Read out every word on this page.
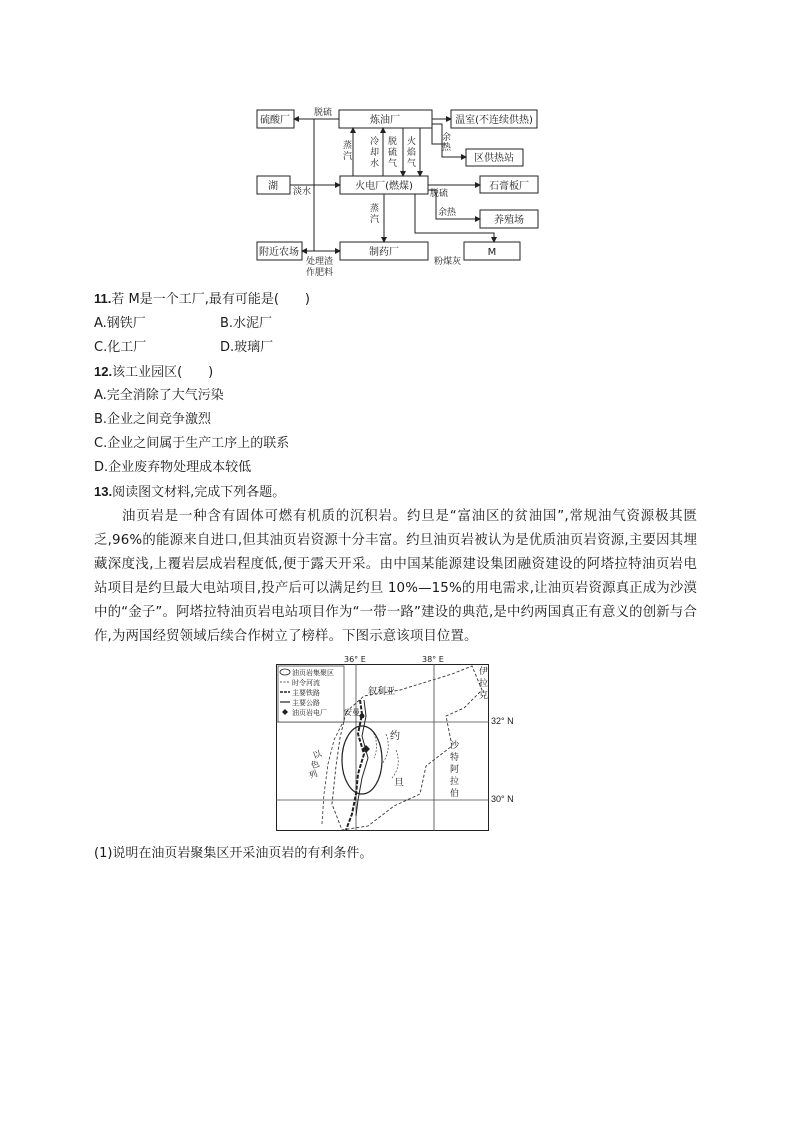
硫酸厂	炼油厂	温室(不连续供热)
区供热站
湖	火电厂(燃煤)	石膏板厂
养殖场
附近农场	制药厂	M
脱硫
蒸
汽
冷
却
水
脱
硫
气
火
焰
气
余
热
淡水	脱硫
余热
蒸
汽
粉煤灰
处理渣
作肥料
11.若 M是一个工厂,最有可能是(　　)
A.钢铁厂	B.水泥厂
C.化工厂	D.玻璃厂
12.该工业园区(　　)
A.完全消除了大气污染
B.企业之间竞争激烈
C.企业之间属于生产工序上的联系
D.企业废弃物处理成本较低
13.阅读图文材料,完成下列各题。
油页岩是一种含有固体可燃有机质的沉积岩。约旦是“富油区的贫油国”,常规油气资源极其匮乏,96%的能源来自进口,但其油页岩资源十分丰富。约旦油页岩被认为是优质油页岩资源,主要因其埋藏深度浅,上覆岩层成岩程度低,便于露天开采。由中国某能源建设集团融资建设的阿塔拉特油页岩电站项目是约旦最大电站项目,投产后可以满足约旦 10%—15%的用电需求,让油页岩资源真正成为沙漠中的“金子”。阿塔拉特油页岩电站项目作为“一带一路”建设的典范,是中约两国真正有意义的创新与合作,为两国经贸领域后续合作树立了榜样。下图示意该项目位置。
油页岩集聚区
时令河流
主要铁路
主要公路
油页岩电厂
36° E	38° E
叙利亚
伊
拉
克
安曼
约
旦
沙
特
阿
拉
伯
以
色
列
32° N
30° N
(1)说明在油页岩聚集区开采油页岩的有利条件。
